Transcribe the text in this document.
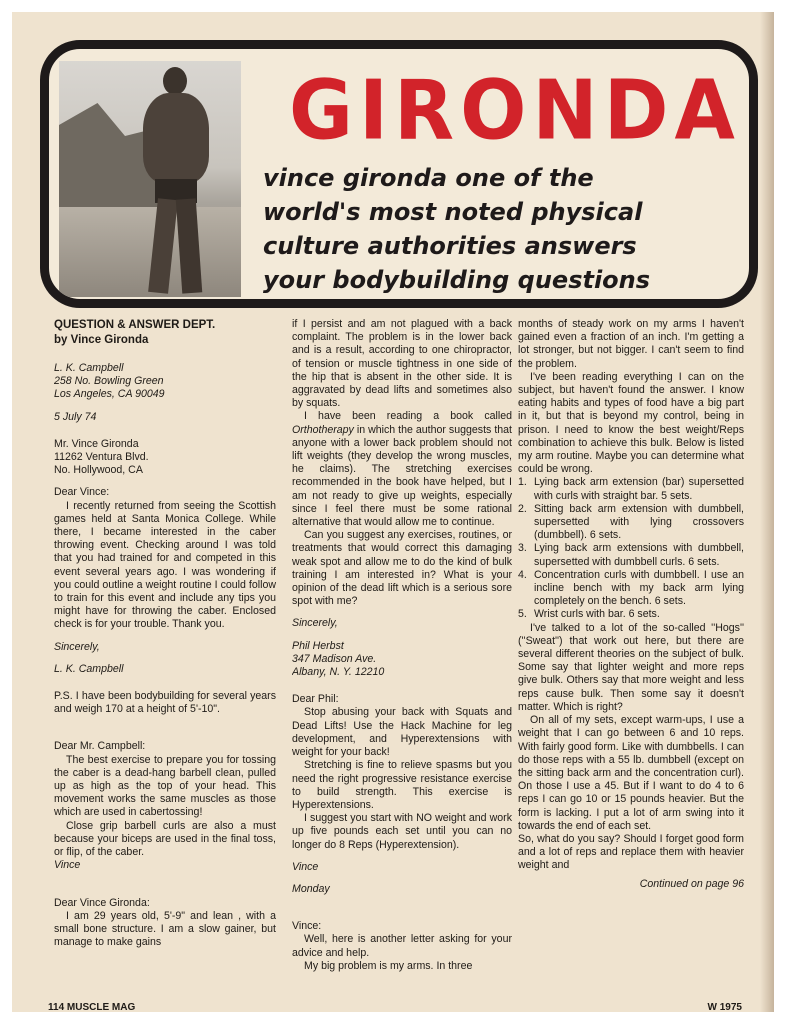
GIRONDA
vince gironda one of the
world's most noted physical
culture authorities answers
your bodybuilding questions

QUESTION & ANSWER DEPT.

by Vince Gironda

L. K. Campbell

258 No. Bowling Green

Los Angeles, CA 90049

5 July 74

Mr. Vince Gironda

11262 Ventura Blvd.

No. Hollywood, CA

Dear Vince:

I recently returned from seeing the Scottish games held at Santa Monica College. While there, I became interested in the caber throwing event. Checking around I was told that you had trained for and competed in this event several years ago. I was wondering if you could outline a weight routine I could follow to train for this event and include any tips you might have for throwing the caber. Enclosed check is for your trouble. Thank you.

Sincerely,

L. K. Campbell

P.S. I have been bodybuilding for several years and weigh 170 at a height of 5'-10".

Dear Mr. Campbell:

The best exercise to prepare you for tossing the caber is a dead-hang barbell clean, pulled up as high as the top of your head. This movement works the same muscles as those which are used in cabertossing!

Close grip barbell curls are also a must because your biceps are used in the final toss, or flip, of the caber.

Vince

Dear Vince Gironda:

I am 29 years old, 5'-9" and lean , with a small bone structure. I am a slow gainer, but manage to make gains

if I persist and am not plagued with a back complaint. The problem is in the lower back and is a result, according to one chiropractor, of tension or muscle tightness in one side of the hip that is absent in the other side. It is aggravated by dead lifts and sometimes also by squats.

I have been reading a book called Orthotherapy in which the author suggests that anyone with a lower back problem should not lift weights (they develop the wrong muscles, he claims). The stretching exercises recommended in the book have helped, but I am not ready to give up weights, especially since I feel there must be some rational alternative that would allow me to continue.

Can you suggest any exercises, routines, or treatments that would correct this damaging weak spot and allow me to do the kind of bulk training I am interested in? What is your opinion of the dead lift which is a serious sore spot with me?

Sincerely,

Phil Herbst

347 Madison Ave.

Albany, N. Y. 12210

Dear Phil:

Stop abusing your back with Squats and Dead Lifts! Use the Hack Machine for leg development, and Hyperextensions with weight for your back!

Stretching is fine to relieve spasms but you need the right progressive resistance exercise to build strength. This exercise is Hyperextensions.

I suggest you start with NO weight and work up five pounds each set until you can no longer do 8 Reps (Hyperextension).

Vince

Monday

Vince:

Well, here is another letter asking for your advice and help.

My big problem is my arms. In three

months of steady work on my arms I haven't gained even a fraction of an inch. I'm getting a lot stronger, but not bigger. I can't seem to find the problem.

I've been reading everything I can on the subject, but haven't found the answer. I know eating habits and types of food have a big part in it, but that is beyond my control, being in prison. I need to know the best weight/Reps combination to achieve this bulk. Below is listed my arm routine. Maybe you can determine what could be wrong.

1. Lying back arm extension (bar) supersetted with curls with straight bar. 5 sets.
2. Sitting back arm extension with dumbbell, supersetted with lying crossovers (dumbbell). 6 sets.
3. Lying back arm extensions with dumbbell, supersetted with dumbbell curls. 6 sets.
4. Concentration curls with dumbbell. I use an incline bench with my back arm lying completely on the bench. 6 sets.
5. Wrist curls with bar. 6 sets.

I've talked to a lot of the so-called ''Hogs'' (''Sweat'') that work out here, but there are several different theories on the subject of bulk. Some say that lighter weight and more reps give bulk. Others say that more weight and less reps cause bulk. Then some say it doesn't matter. Which is right?

On all of my sets, except warm-ups, I use a weight that I can go between 6 and 10 reps. With fairly good form. Like with dumbbells. I can do those reps with a 55 lb. dumbbell (except on the sitting back arm and the concentration curl). On those I use a 45. But if I want to do 4 to 6 reps I can go 10 or 15 pounds heavier. But the form is lacking. I put a lot of arm swing into it towards the end of each set.

So, what do you say? Should I forget good form and a lot of reps and replace them with heavier weight and

Continued on page 96

114 MUSCLE MAG	W 1975
